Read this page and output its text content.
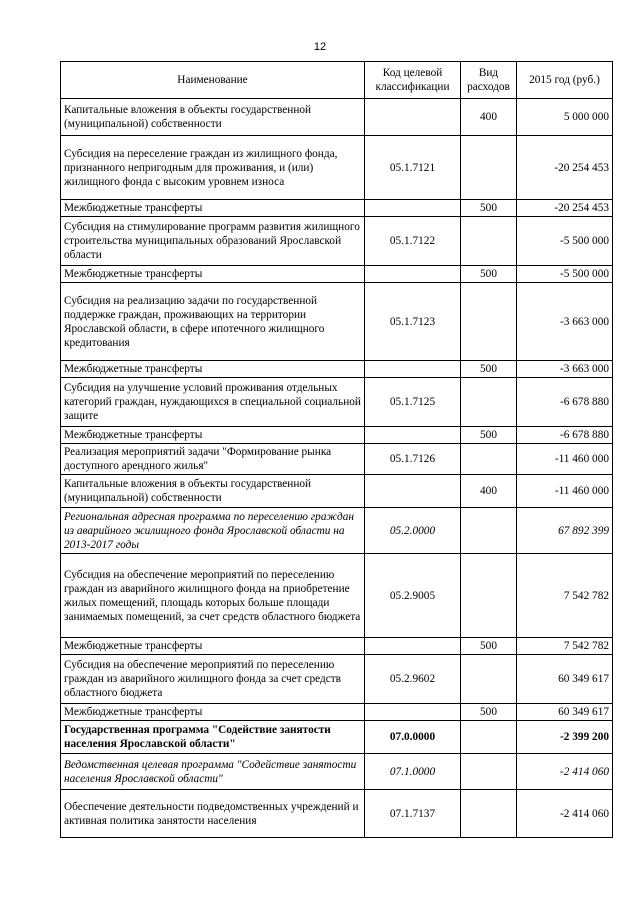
12
Наименование	Код целевой классификации	Вид расходов	2015 год (руб.)
Капитальные вложения в объекты государственной (муниципальной) собственности		400	5 000 000
Субсидия на переселение граждан из жилищного фонда, признанного непригодным для проживания, и (или) жилищного фонда с высоким уровнем износа	05.1.7121		-20 254 453
Межбюджетные трансферты		500	-20 254 453
Субсидия на стимулирование программ развития жилищного строительства муниципальных образований Ярославской области	05.1.7122		-5 500 000
Межбюджетные трансферты		500	-5 500 000
Субсидия на реализацию задачи по государственной поддержке граждан, проживающих на территории Ярославской области, в сфере ипотечного жилищного кредитования	05.1.7123		-3 663 000
Межбюджетные трансферты		500	-3 663 000
Субсидия на улучшение условий проживания отдельных категорий граждан, нуждающихся в специальной социальной защите	05.1.7125		-6 678 880
Межбюджетные трансферты		500	-6 678 880
Реализация мероприятий задачи "Формирование рынка доступного арендного жилья"	05.1.7126		-11 460 000
Капитальные вложения в объекты государственной (муниципальной) собственности		400	-11 460 000
Региональная адресная программа по переселению граждан из аварийного жилищного фонда Ярославской области на 2013-2017 годы	05.2.0000		67 892 399
Субсидия на обеспечение мероприятий по переселению граждан из аварийного жилищного фонда на приобретение жилых помещений, площадь которых больше площади занимаемых помещений, за счет средств областного бюджета	05.2.9005		7 542 782
Межбюджетные трансферты		500	7 542 782
Субсидия на обеспечение мероприятий по переселению граждан из аварийного жилищного фонда за счет средств областного бюджета	05.2.9602		60 349 617
Межбюджетные трансферты		500	60 349 617
Государственная программа "Содействие занятости населения Ярославской области"	07.0.0000		-2 399 200
Ведомственная целевая программа "Содействие занятости населения Ярославской области"	07.1.0000		-2 414 060
Обеспечение деятельности подведомственных учреждений и активная политика занятости населения	07.1.7137		-2 414 060
